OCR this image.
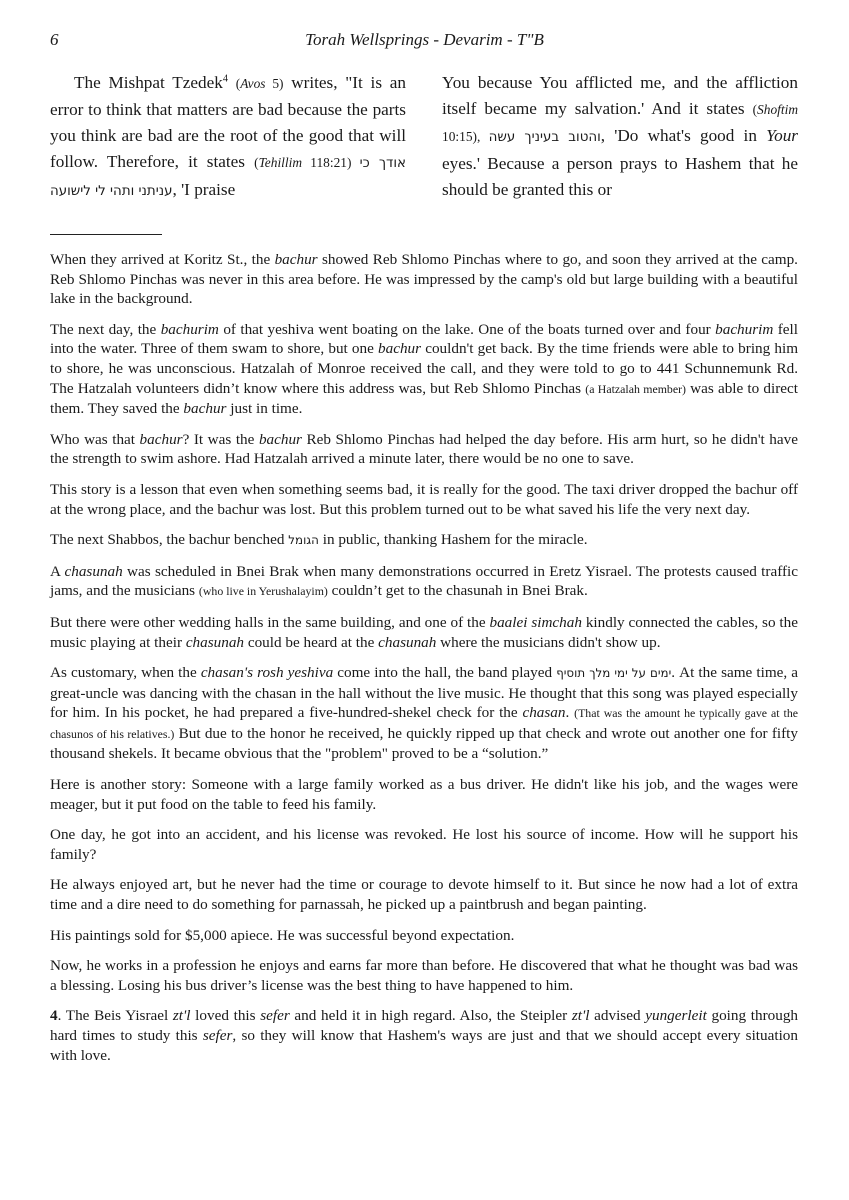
6	Torah Wellsprings - Devarim - T"B

The Mishpat Tzedek$^4$ (Avos 5) writes, "It is an error to think that matters are bad because the parts you think are bad are the root of the good that will follow. Therefore, it states (Tehillim 118:21) אודך כי עניתני ותהי לי לישועה, 'I praise

You because You afflicted me, and the affliction itself became my salvation.' And it states (Shoftim 10:15), והטוב בעיניך עשה, 'Do what's good in Your eyes.' Because a person prays to Hashem that he should be granted this or

When they arrived at Koritz St., the bachur showed Reb Shlomo Pinchas where to go, and soon they arrived at the camp. Reb Shlomo Pinchas was never in this area before. He was impressed by the camp's old but large building with a beautiful lake in the background.

The next day, the bachurim of that yeshiva went boating on the lake. One of the boats turned over and four bachurim fell into the water. Three of them swam to shore, but one bachur couldn't get back. By the time friends were able to bring him to shore, he was unconscious. Hatzalah of Monroe received the call, and they were told to go to 441 Schunnemunk Rd. The Hatzalah volunteers didn’t know where this address was, but Reb Shlomo Pinchas (a Hatzalah member) was able to direct them. They saved the bachur just in time.

Who was that bachur? It was the bachur Reb Shlomo Pinchas had helped the day before. His arm hurt, so he didn't have the strength to swim ashore. Had Hatzalah arrived a minute later, there would be no one to save.

This story is a lesson that even when something seems bad, it is really for the good. The taxi driver dropped the bachur off at the wrong place, and the bachur was lost. But this problem turned out to be what saved his life the very next day.

The next Shabbos, the bachur benched הגומל in public, thanking Hashem for the miracle.

A chasunah was scheduled in Bnei Brak when many demonstrations occurred in Eretz Yisrael. The protests caused traffic jams, and the musicians (who live in Yerushalayim) couldn’t get to the chasunah in Bnei Brak.

But there were other wedding halls in the same building, and one of the baalei simchah kindly connected the cables, so the music playing at their chasunah could be heard at the chasunah where the musicians didn't show up.

As customary, when the chasan's rosh yeshiva come into the hall, the band played ימים על ימי מלך תוסיף. At the same time, a great-uncle was dancing with the chasan in the hall without the live music. He thought that this song was played especially for him. In his pocket, he had prepared a five-hundred-shekel check for the chasan. (That was the amount he typically gave at the chasunos of his relatives.) But due to the honor he received, he quickly ripped up that check and wrote out another one for fifty thousand shekels. It became obvious that the "problem" proved to be a “solution.”

Here is another story: Someone with a large family worked as a bus driver. He didn't like his job, and the wages were meager, but it put food on the table to feed his family.

One day, he got into an accident, and his license was revoked. He lost his source of income. How will he support his family?

He always enjoyed art, but he never had the time or courage to devote himself to it. But since he now had a lot of extra time and a dire need to do something for parnassah, he picked up a paintbrush and began painting.

His paintings sold for $5,000 apiece. He was successful beyond expectation.

Now, he works in a profession he enjoys and earns far more than before. He discovered that what he thought was bad was a blessing. Losing his bus driver’s license was the best thing to have happened to him.

4. The Beis Yisrael zt'l loved this sefer and held it in high regard. Also, the Steipler zt'l advised yungerleit going through hard times to study this sefer, so they will know that Hashem's ways are just and that we should accept every situation with love.
